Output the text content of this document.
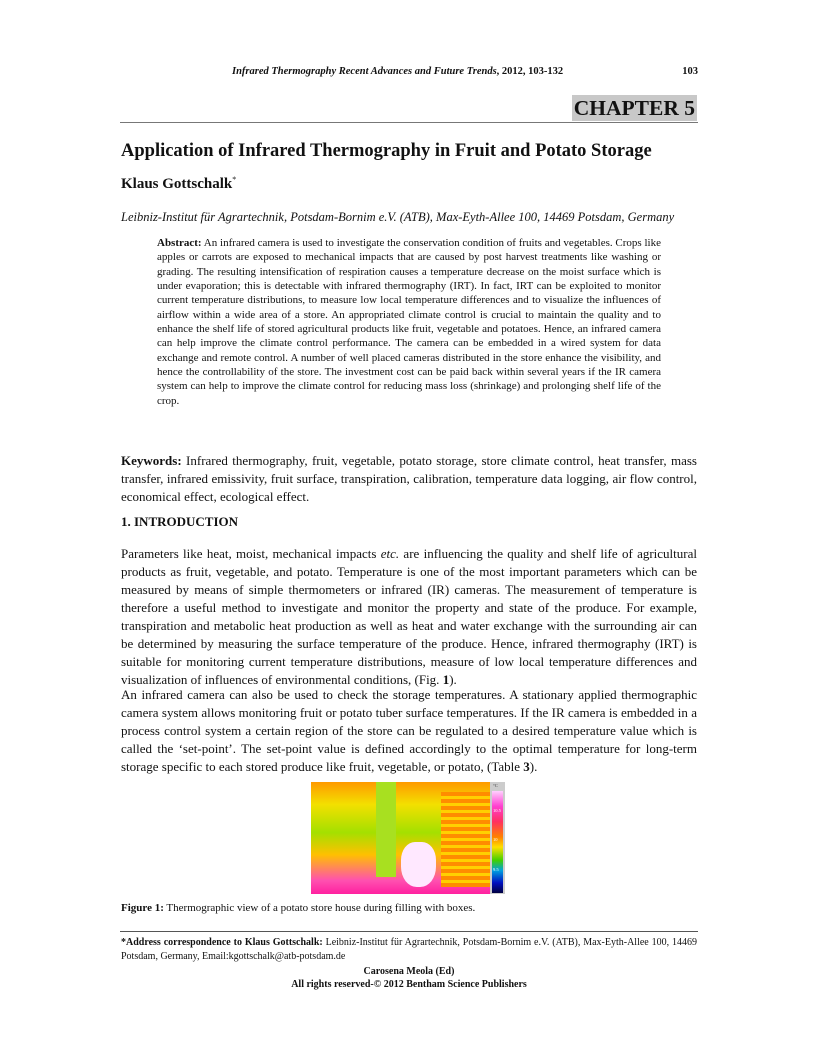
Infrared Thermography Recent Advances and Future Trends, 2012, 103-132	103
CHAPTER 5
Application of Infrared Thermography in Fruit and Potato Storage
Klaus Gottschalk*
Leibniz-Institut für Agrartechnik, Potsdam-Bornim e.V. (ATB), Max-Eyth-Allee 100, 14469 Potsdam, Germany
Abstract: An infrared camera is used to investigate the conservation condition of fruits and vegetables. Crops like apples or carrots are exposed to mechanical impacts that are caused by post harvest treatments like washing or grading. The resulting intensification of respiration causes a temperature decrease on the moist surface which is under evaporation; this is detectable with infrared thermography (IRT). In fact, IRT can be exploited to monitor current temperature distributions, to measure low local temperature differences and to visualize the influences of airflow within a wide area of a store. An appropriated climate control is crucial to maintain the quality and to enhance the shelf life of stored agricultural products like fruit, vegetable and potatoes. Hence, an infrared camera can help improve the climate control performance. The camera can be embedded in a wired system for data exchange and remote control. A number of well placed cameras distributed in the store enhance the visibility, and hence the controllability of the store. The investment cost can be paid back within several years if the IR camera system can help to improve the climate control for reducing mass loss (shrinkage) and prolonging shelf life of the crop.
Keywords: Infrared thermography, fruit, vegetable, potato storage, store climate control, heat transfer, mass transfer, infrared emissivity, fruit surface, transpiration, calibration, temperature data logging, air flow control, economical effect, ecological effect.
1. INTRODUCTION
Parameters like heat, moist, mechanical impacts etc. are influencing the quality and shelf life of agricultural products as fruit, vegetable, and potato. Temperature is one of the most important parameters which can be measured by means of simple thermometers or infrared (IR) cameras. The measurement of temperature is therefore a useful method to investigate and monitor the property and state of the produce. For example, transpiration and metabolic heat production as well as heat and water exchange with the surrounding air can be determined by measuring the surface temperature of the produce. Hence, infrared thermography (IRT) is suitable for monitoring current temperature distributions, measure of low local temperature differences and visualization of influences of environmental conditions, (Fig. 1).
An infrared camera can also be used to check the storage temperatures. A stationary applied thermographic camera system allows monitoring fruit or potato tuber surface temperatures. If the IR camera is embedded in a process control system a certain region of the store can be regulated to a desired temperature value which is called the ‘set-point’. The set-point value is defined accordingly to the optimal temperature for long-term storage specific to each stored produce like fruit, vegetable, or potato, (Table 3).
°C
10.5
10
9.5
Figure 1: Thermographic view of a potato store house during filling with boxes.
*Address correspondence to Klaus Gottschalk: Leibniz-Institut für Agrartechnik, Potsdam-Bornim e.V. (ATB), Max-Eyth-Allee 100, 14469 Potsdam, Germany, Email:kgottschalk@atb-potsdam.de
Carosena Meola (Ed)
All rights reserved-© 2012 Bentham Science Publishers
